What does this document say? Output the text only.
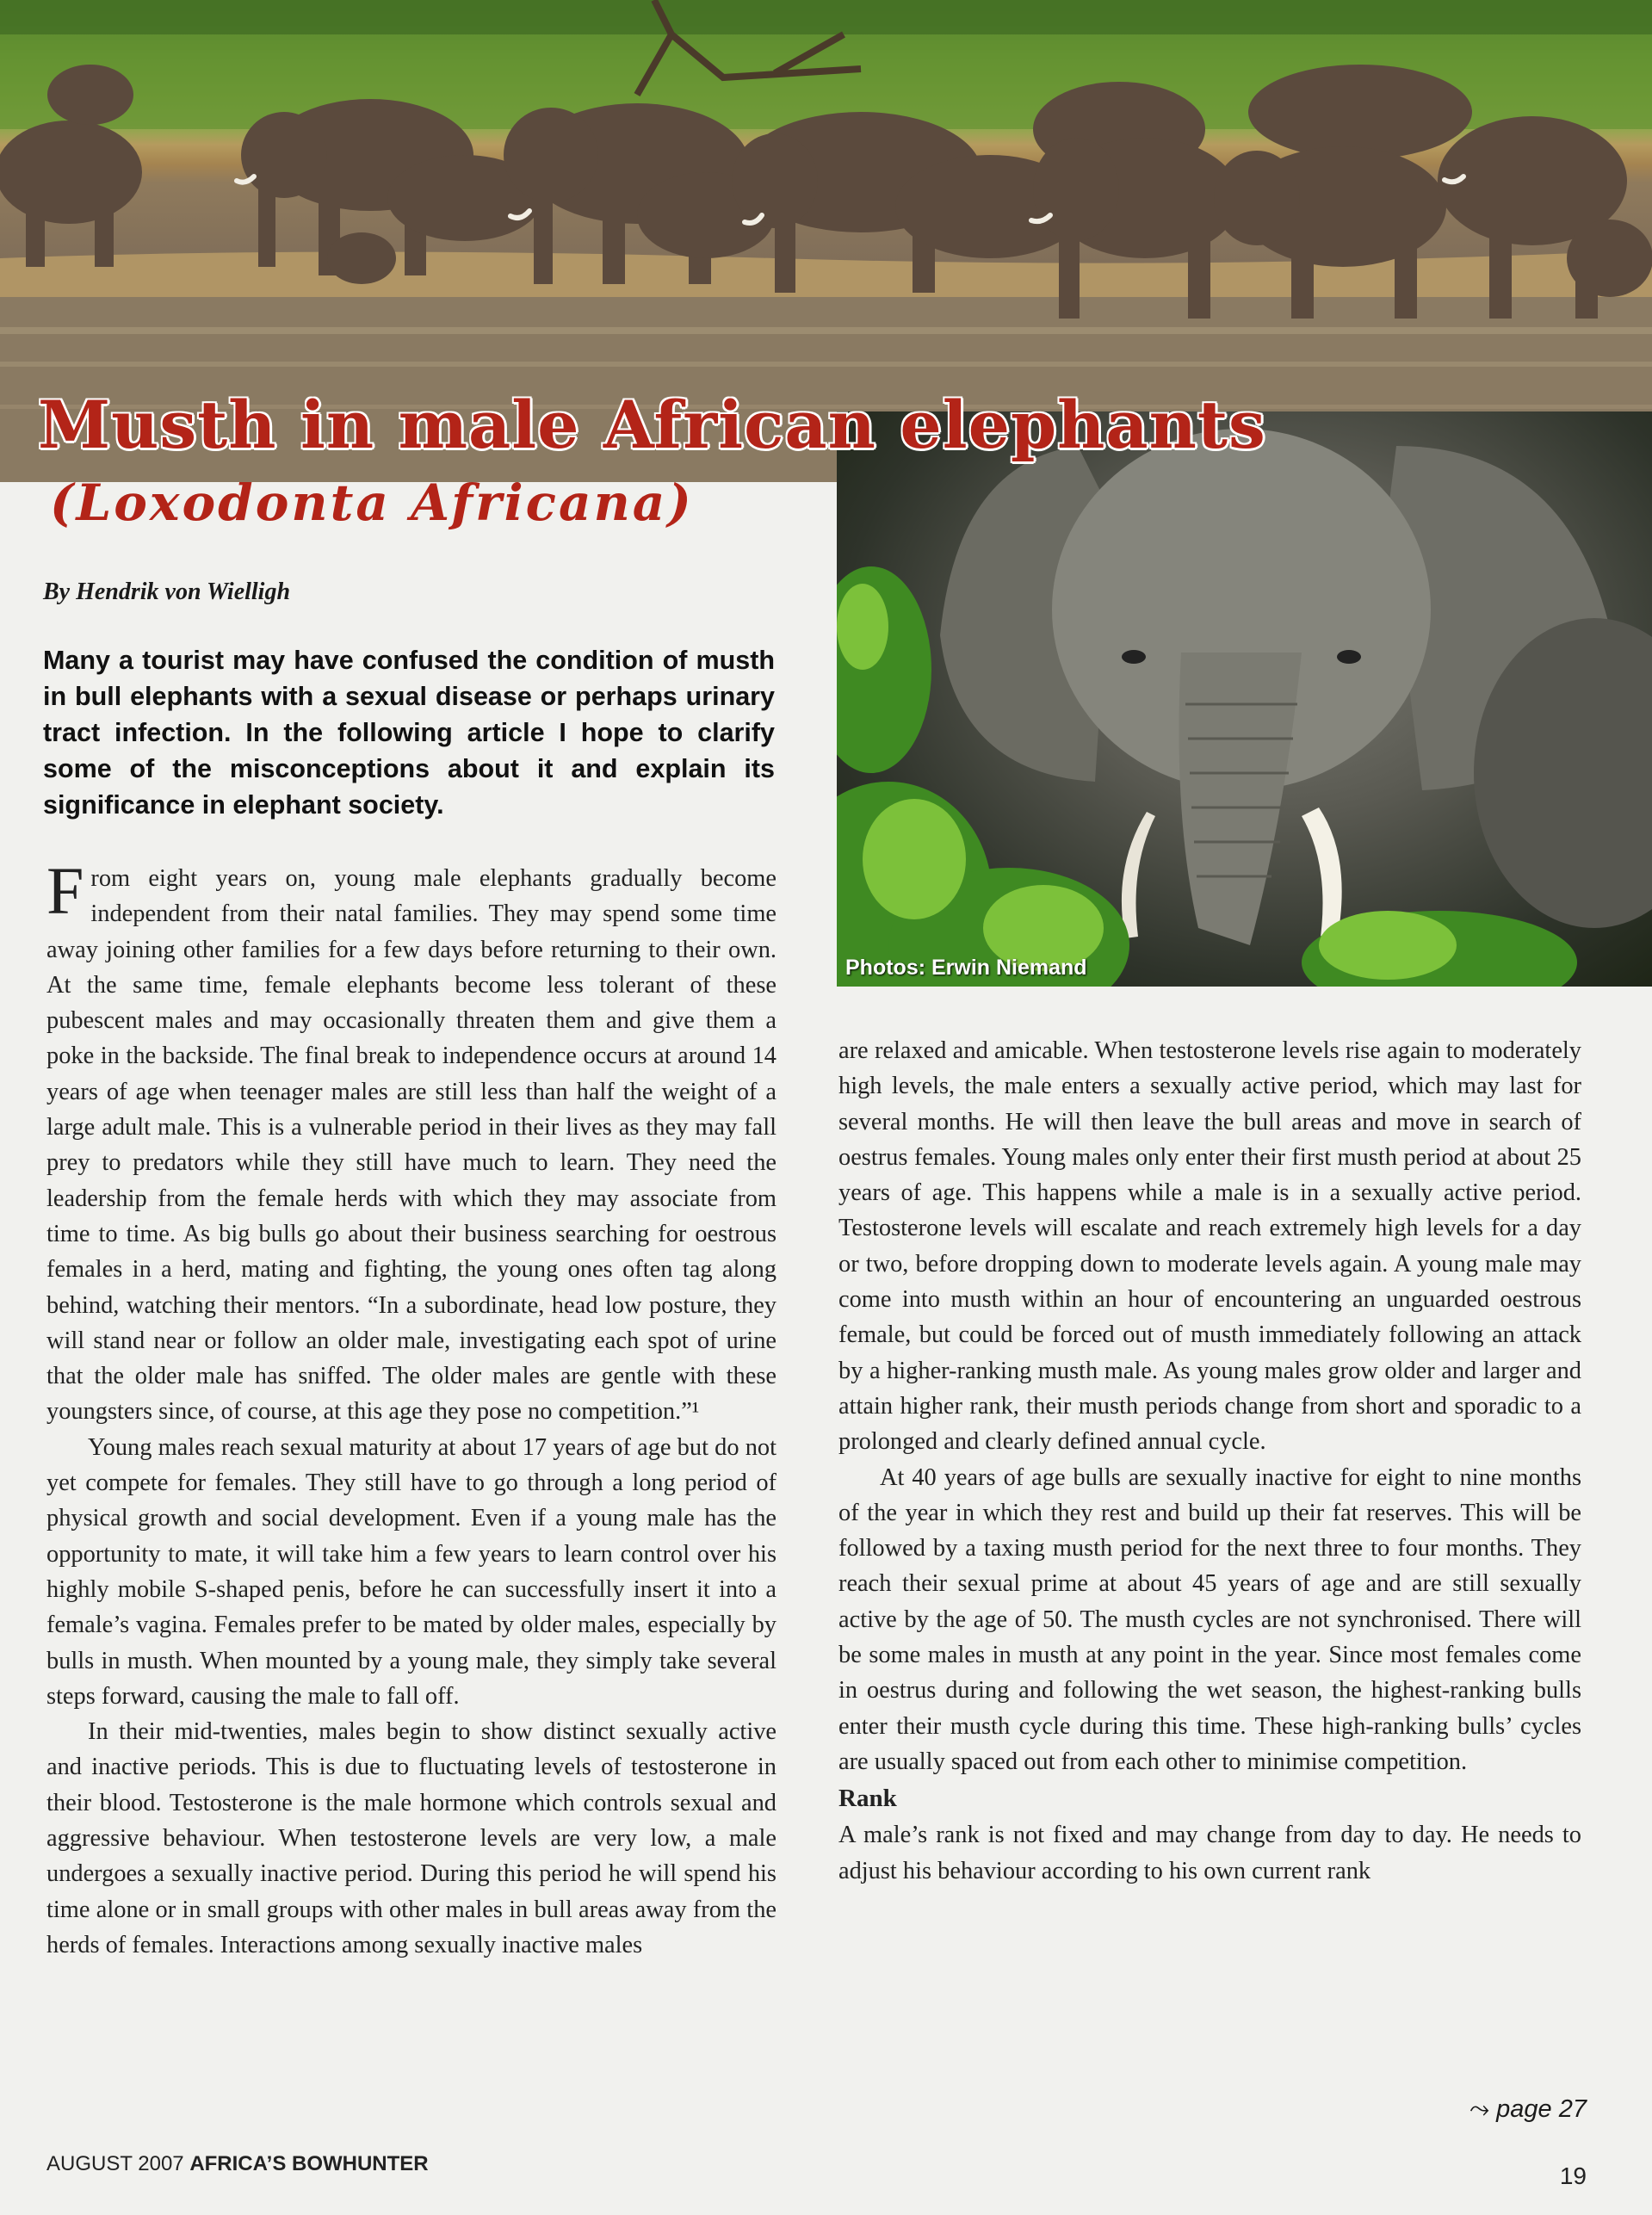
Photos: Erwin Niemand
Musth in male African elephants
(Loxodonta Africana)
By Hendrik von Wielligh

Many a tourist may have confused the condition of musth in bull elephants with a sexual disease or perhaps urinary tract infection. In the following article I hope to clarify some of the misconceptions about it and explain its significance in elephant society.

From eight years on, young male elephants gradually become independent from their natal families. They may spend some time away joining other families for a few days before returning to their own. At the same time, female elephants become less tolerant of these pubescent males and may occasionally threaten them and give them a poke in the backside. The final break to independence occurs at around 14 years of age when teenager males are still less than half the weight of a large adult male. This is a vulnerable period in their lives as they may fall prey to predators while they still have much to learn. They need the leadership from the female herds with which they may associate from time to time. As big bulls go about their business searching for oestrous females in a herd, mating and fighting, the young ones often tag along behind, watching their mentors. “In a subordinate, head low posture, they will stand near or follow an older male, investigating each spot of urine that the older male has sniffed. The older males are gentle with these youngsters since, of course, at this age they pose no competition.”¹

Young males reach sexual maturity at about 17 years of age but do not yet compete for females. They still have to go through a long period of physical growth and social development. Even if a young male has the opportunity to mate, it will take him a few years to learn control over his highly mobile S-shaped penis, before he can successfully insert it into a female’s vagina. Females prefer to be mated by older males, especially by bulls in musth. When mounted by a young male, they simply take several steps forward, causing the male to fall off.

In their mid-twenties, males begin to show distinct sexually active and inactive periods. This is due to fluctuating levels of testosterone in their blood. Testosterone is the male hormone which controls sexual and aggressive behaviour. When testosterone levels are very low, a male undergoes a sexually inactive period. During this period he will spend his time alone or in small groups with other males in bull areas away from the herds of females. Interactions among sexually inactive males

are relaxed and amicable. When testosterone levels rise again to moderately high levels, the male enters a sexually active period, which may last for several months. He will then leave the bull areas and move in search of oestrus females. Young males only enter their first musth period at about 25 years of age. This happens while a male is in a sexually active period. Testosterone levels will escalate and reach extremely high levels for a day or two, before dropping down to moderate levels again. A young male may come into musth within an hour of encountering an unguarded oestrous female, but could be forced out of musth immediately following an attack by a higher-ranking musth male. As young males grow older and larger and attain higher rank, their musth periods change from short and sporadic to a prolonged and clearly defined annual cycle.

At 40 years of age bulls are sexually inactive for eight to nine months of the year in which they rest and build up their fat reserves. This will be followed by a taxing musth period for the next three to four months. They reach their sexual prime at about 45 years of age and are still sexually active by the age of 50. The musth cycles are not synchronised. There will be some males in musth at any point in the year. Since most females come in oestrus during and following the wet season, the highest-ranking bulls enter their musth cycle during this time. These high-ranking bulls’ cycles are usually spaced out from each other to minimise competition.

Rank

A male’s rank is not fixed and may change from day to day. He needs to adjust his behaviour according to his own current rank

⤳ page 27
AUGUST 2007 AFRICA’S BOWHUNTER	19
